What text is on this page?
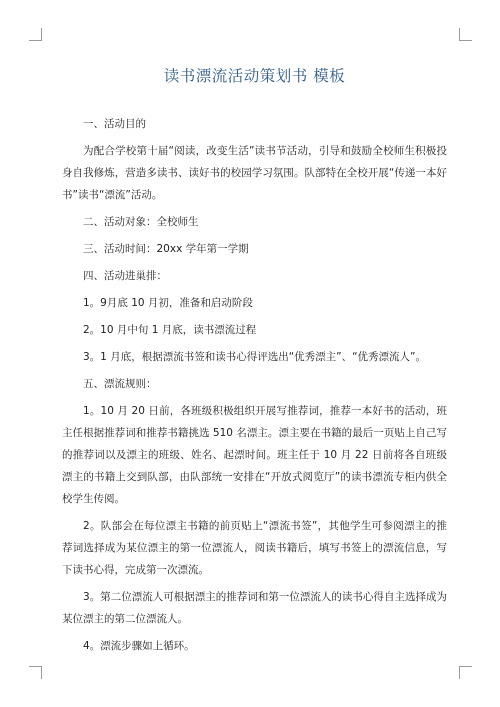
读书漂流活动策划书 模板

一、活动目的

为配合学校第十届“阅读，改变生活”读书节活动，引导和鼓励全校师生积极投身自我修炼，营造多读书、读好书的校园学习氛围。队部特在全校开展“传递一本好书”读书“漂流”活动。

二、活动对象：全校师生

三、活动时间：20xx 学年第一学期

四、活动进巢排：

1。9月底 10 月初，准备和启动阶段

2。10 月中旬 1 月底，读书漂流过程

3。1 月底，根据漂流书签和读书心得评选出“优秀漂主”、“优秀漂流人”。

五、漂流规则：

1。10 月 20 日前，各班级积极组织开展写推荐词，推荐一本好书的活动，班主任根据推荐词和推荐书籍挑选 510 名漂主。漂主要在书籍的最后一页贴上自己写的推荐词以及漂主的班级、姓名、起漂时间。班主任于 10 月 22 日前将各自班级漂主的书籍上交到队部，由队部统一安排在“开放式阅览厅”的读书漂流专柜内供全校学生传阅。

2。队部会在每位漂主书籍的前页贴上“漂流书签”，其他学生可参阅漂主的推荐词选择成为某位漂主的第一位漂流人，阅读书籍后，填写书签上的漂流信息，写下读书心得，完成第一次漂流。

3。第二位漂流人可根据漂主的推荐词和第一位漂流人的读书心得自主选择成为某位漂主的第二位漂流人。

4。漂流步骤如上循环。
